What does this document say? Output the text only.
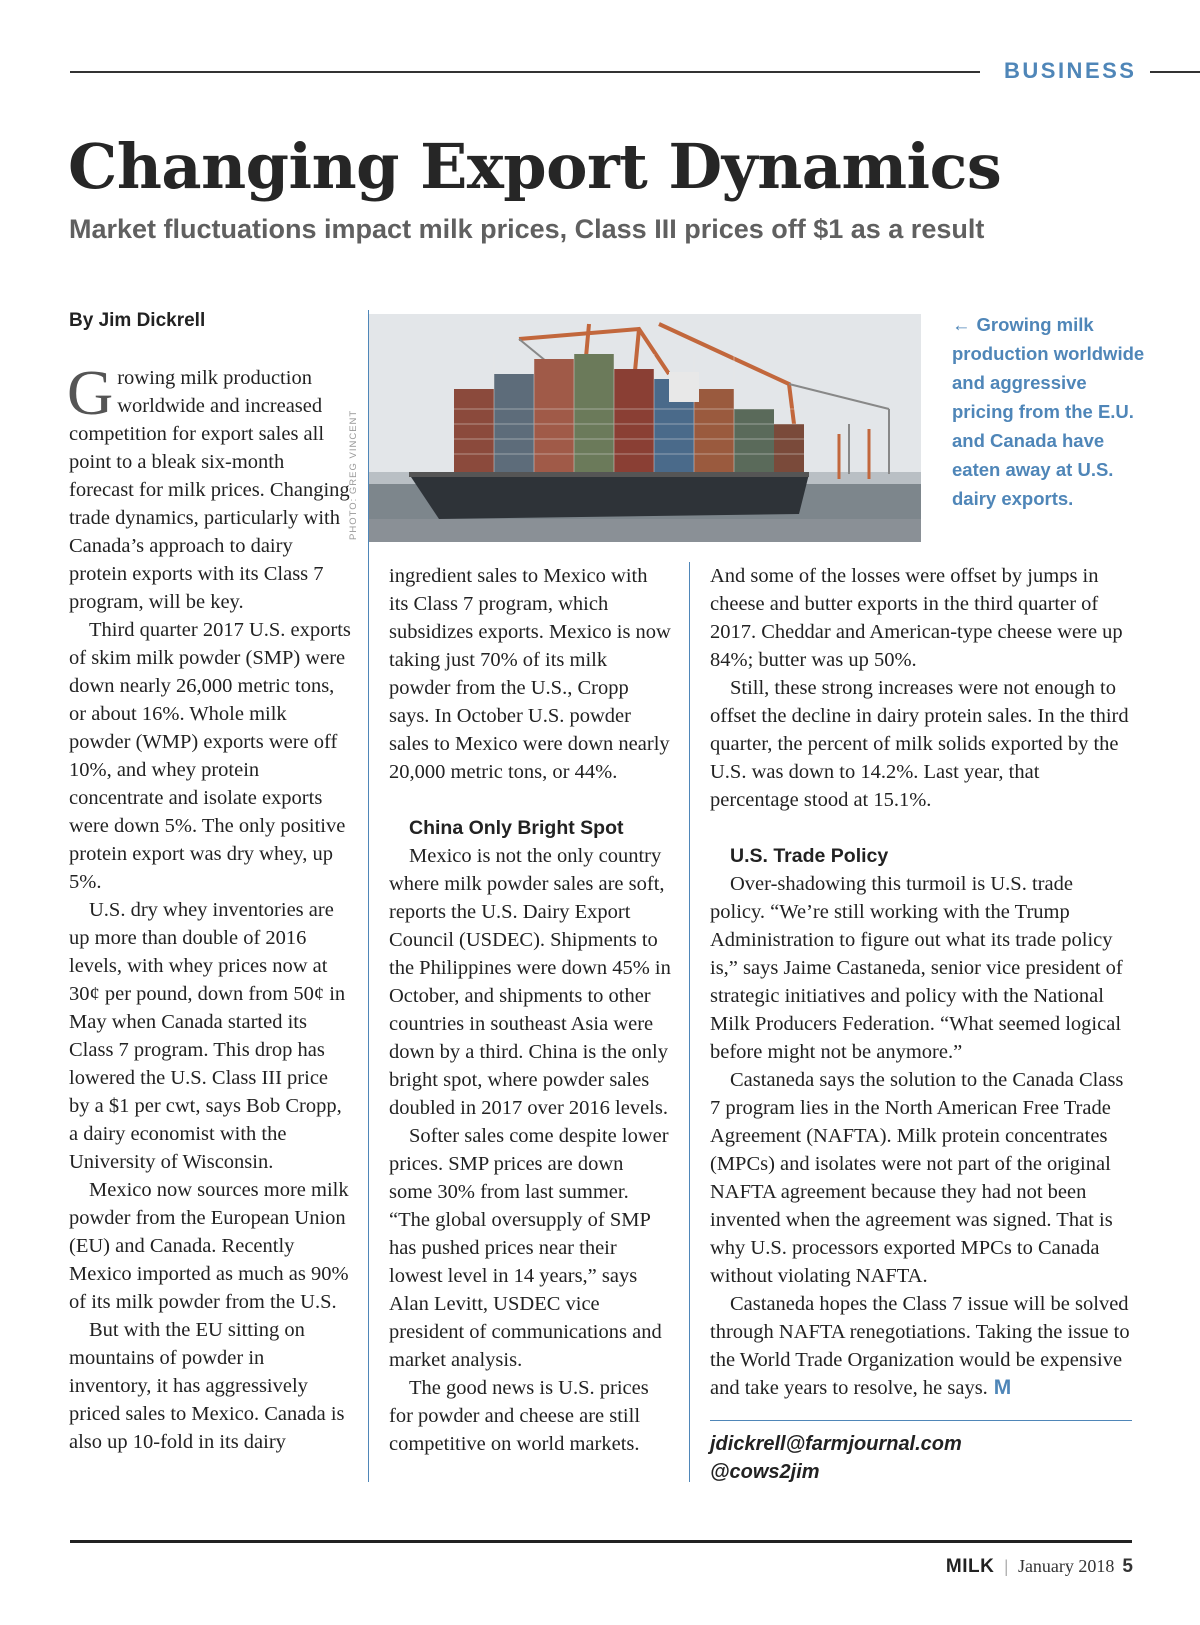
BUSINESS
Changing Export Dynamics
Market fluctuations impact milk prices, Class III prices off $1 as a result
By Jim Dickrell

Growing milk production worldwide and increased competition for export sales all point to a bleak six-month forecast for milk prices. Changing trade dynamics, particularly with Canada’s approach to dairy protein exports with its Class 7 program, will be key.

Third quarter 2017 U.S. exports of skim milk powder (SMP) were down nearly 26,000 metric tons, or about 16%. Whole milk powder (WMP) exports were off 10%, and whey protein concentrate and isolate exports were down 5%. The only positive protein export was dry whey, up 5%.

U.S. dry whey inventories are up more than double of 2016 levels, with whey prices now at 30¢ per pound, down from 50¢ in May when Canada started its Class 7 program. This drop has lowered the U.S. Class III price by a $1 per cwt, says Bob Cropp, a dairy economist with the University of Wisconsin.

Mexico now sources more milk powder from the European Union (EU) and Canada. Recently Mexico imported as much as 90% of its milk powder from the U.S.

But with the EU sitting on mountains of powder in inventory, it has aggressively priced sales to Mexico. Canada is also up 10-fold in its dairy

PHOTO: GREG VINCENT
← Growing milk production worldwide and aggressive pricing from the E.U. and Canada have eaten away at U.S. dairy exports.

ingredient sales to Mexico with its Class 7 program, which subsidizes exports. Mexico is now taking just 70% of its milk powder from the U.S., Cropp says. In October U.S. powder sales to Mexico were down nearly 20,000 metric tons, or 44%.

China Only Bright Spot

Mexico is not the only country where milk powder sales are soft, reports the U.S. Dairy Export Council (USDEC). Shipments to the Philippines were down 45% in October, and shipments to other countries in southeast Asia were down by a third. China is the only bright spot, where powder sales doubled in 2017 over 2016 levels.

Softer sales come despite lower prices. SMP prices are down some 30% from last summer. “The global oversupply of SMP has pushed prices near their lowest level in 14 years,” says Alan Levitt, USDEC vice president of communications and market analysis.

The good news is U.S. prices for powder and cheese are still competitive on world markets.

And some of the losses were offset by jumps in cheese and butter exports in the third quarter of 2017. Cheddar and American-type cheese were up 84%; butter was up 50%.

Still, these strong increases were not enough to offset the decline in dairy protein sales. In the third quarter, the percent of milk solids exported by the U.S. was down to 14.2%. Last year, that percentage stood at 15.1%.

U.S. Trade Policy

Over-shadowing this turmoil is U.S. trade policy. “We’re still working with the Trump Administration to figure out what its trade policy is,” says Jaime Castaneda, senior vice president of strategic initiatives and policy with the National Milk Producers Federation. “What seemed logical before might not be anymore.”

Castaneda says the solution to the Canada Class 7 program lies in the North American Free Trade Agreement (NAFTA). Milk protein concentrates (MPCs) and isolates were not part of the original NAFTA agreement because they had not been invented when the agreement was signed. That is why U.S. processors exported MPCs to Canada without violating NAFTA.

Castaneda hopes the Class 7 issue will be solved through NAFTA renegotiations. Taking the issue to the World Trade Organization would be expensive and take years to resolve, he says. M

jdickrell@farmjournal.com
@cows2jim
MILK | January 2018 5
